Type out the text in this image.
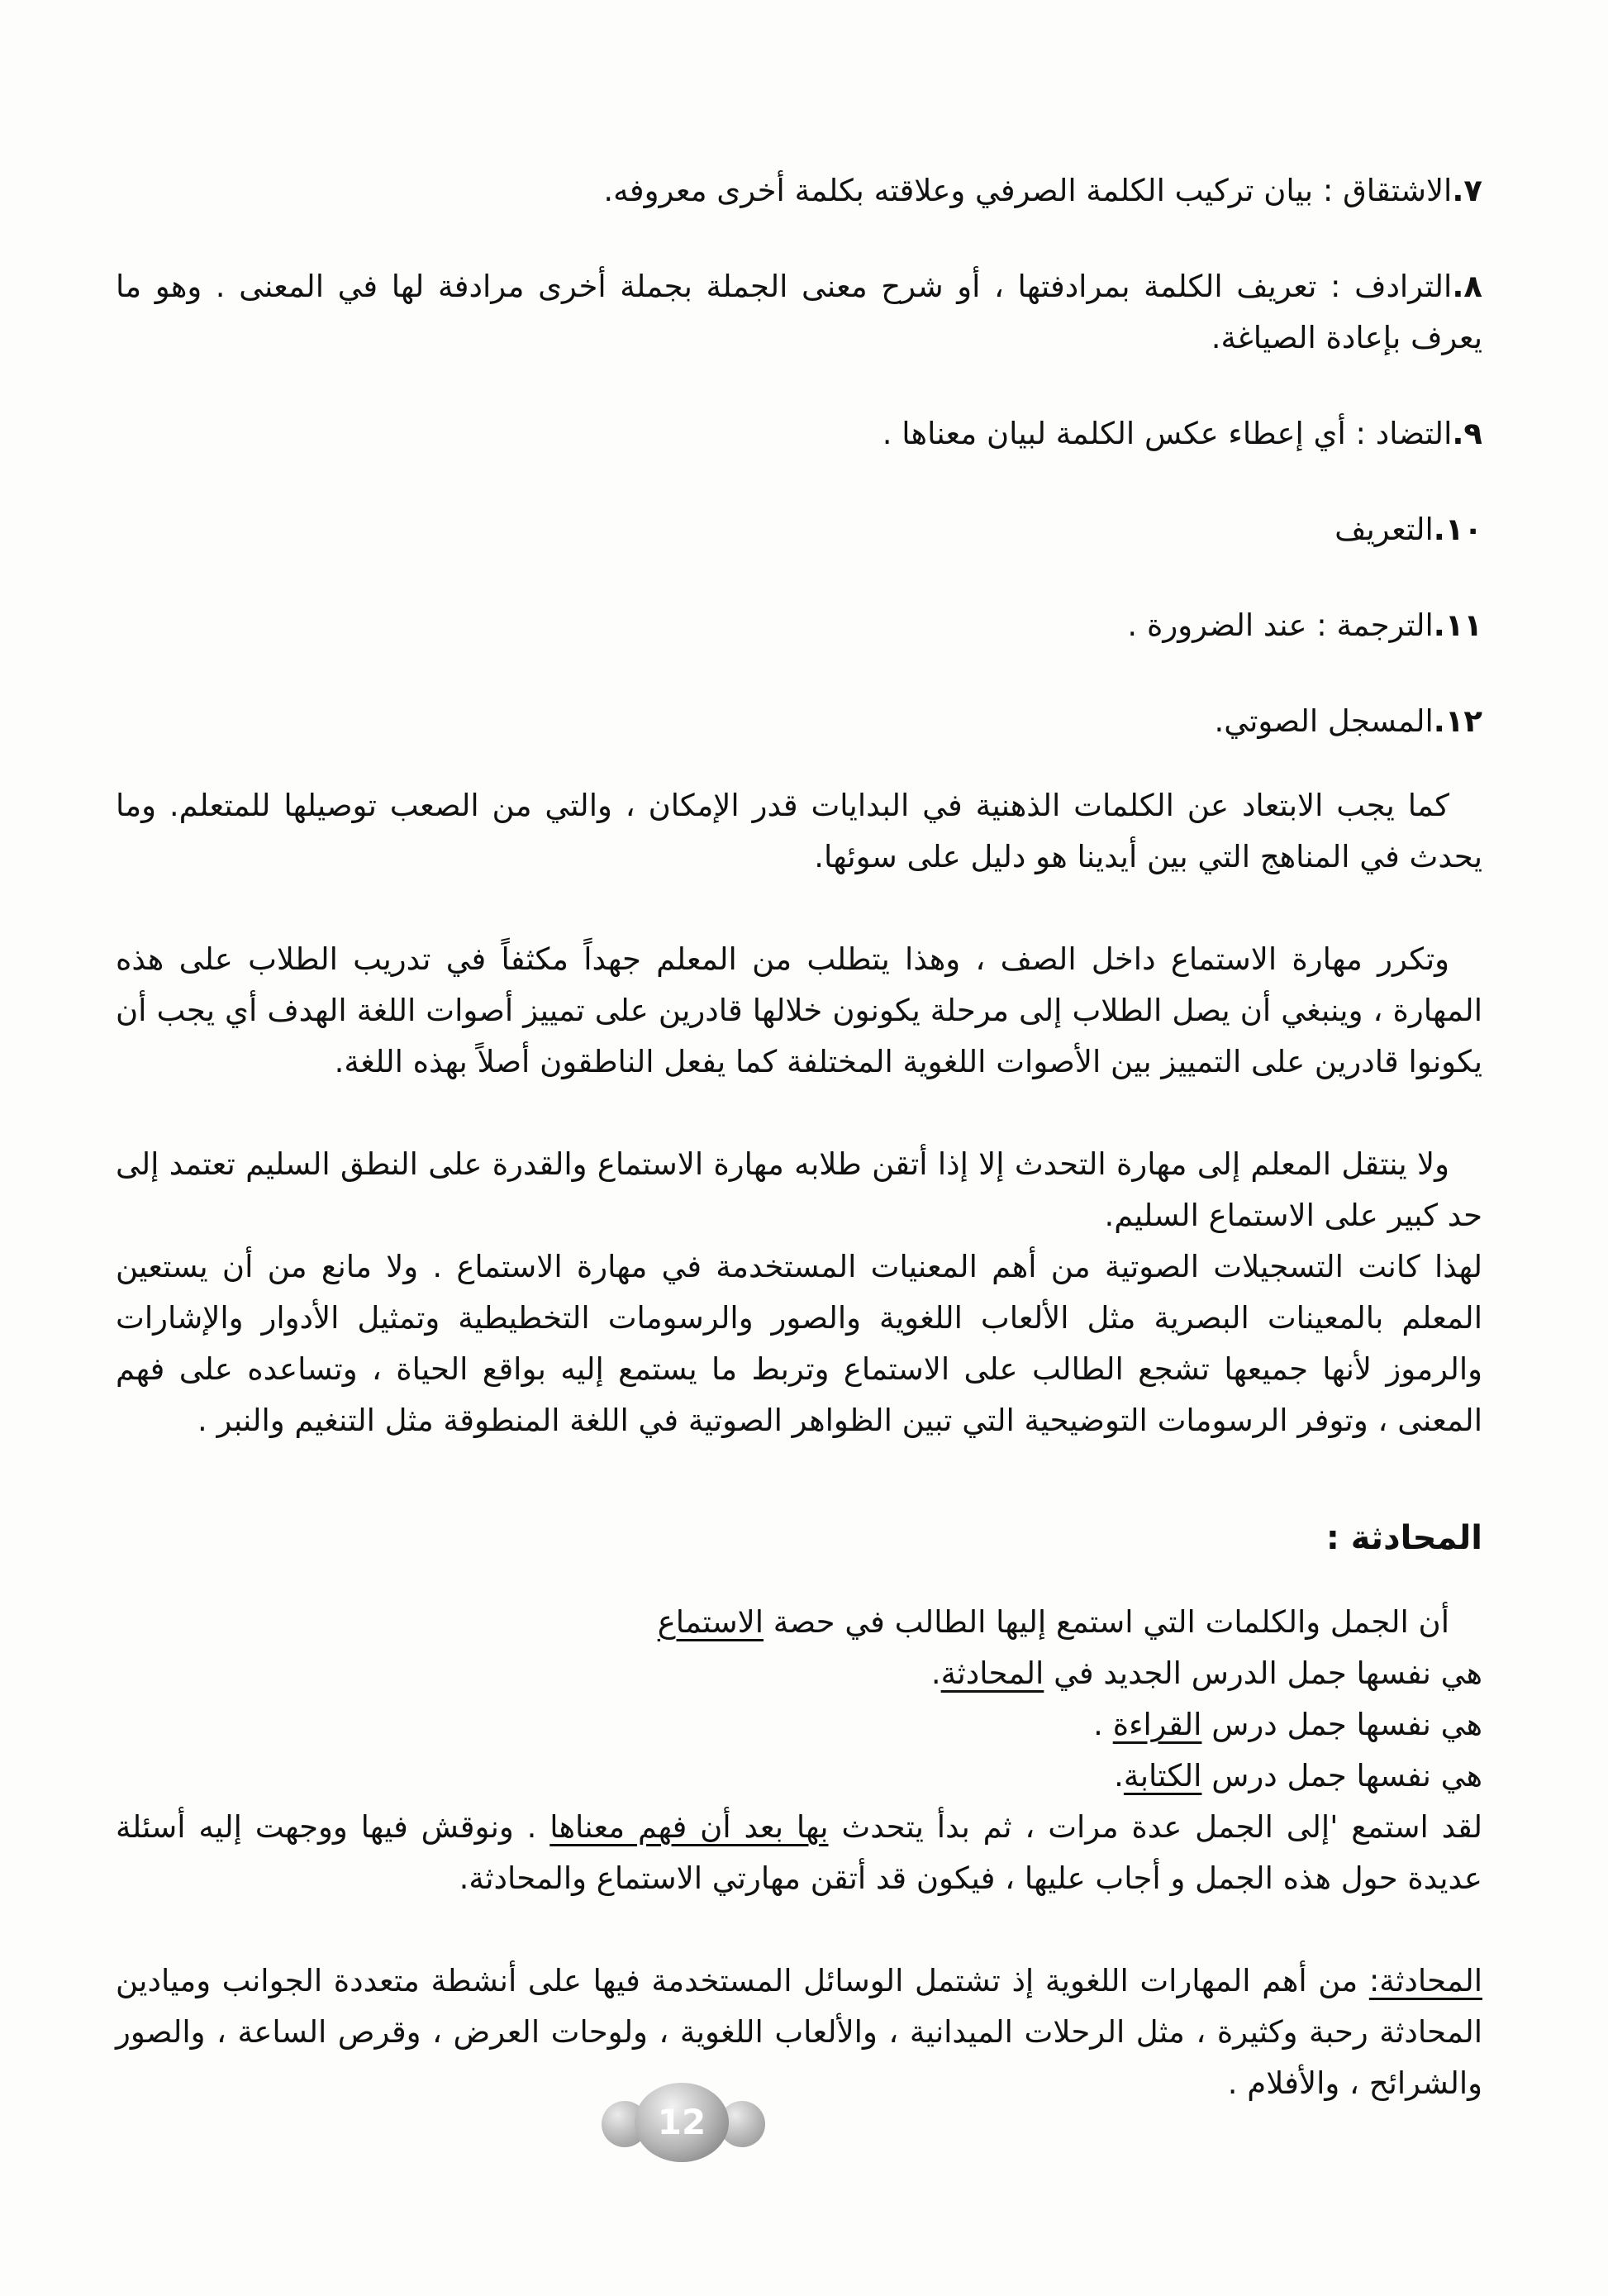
٧.الاشتقاق : بيان تركيب الكلمة الصرفي وعلاقته بكلمة أخرى معروفه.

٨.الترادف : تعريف الكلمة بمرادفتها ، أو شرح معنى الجملة بجملة أخرى مرادفة لها في المعنى . وهو ما يعرف بإعادة الصياغة.

٩.التضاد : أي إعطاء عكس الكلمة لبيان معناها .

١٠.التعريف

١١.الترجمة : عند الضرورة .

١٢.المسجل الصوتي.

كما يجب الابتعاد عن الكلمات الذهنية في البدايات قدر الإمكان ، والتي من الصعب توصيلها للمتعلم. وما يحدث في المناهج التي بين أيدينا هو دليل على سوئها.

وتكرر مهارة الاستماع داخل الصف ، وهذا يتطلب من المعلم جهداً مكثفاً في تدريب الطلاب على هذه المهارة ، وينبغي أن يصل الطلاب إلى مرحلة يكونون خلالها قادرين على تمييز أصوات اللغة الهدف أي يجب أن يكونوا قادرين على التمييز بين الأصوات اللغوية المختلفة كما يفعل الناطقون أصلاً بهذه اللغة.

ولا ينتقل المعلم إلى مهارة التحدث إلا إذا أتقن طلابه مهارة الاستماع والقدرة على النطق السليم تعتمد إلى حد كبير على الاستماع السليم.

لهذا كانت التسجيلات الصوتية من أهم المعنيات المستخدمة في مهارة الاستماع . ولا مانع من أن يستعين المعلم بالمعينات البصرية مثل الألعاب اللغوية والصور والرسومات التخطيطية وتمثيل الأدوار والإشارات والرموز لأنها جميعها تشجع الطالب على الاستماع وتربط ما يستمع إليه بواقع الحياة ، وتساعده على فهم المعنى ، وتوفر الرسومات التوضيحية التي تبين الظواهر الصوتية في اللغة المنطوقة مثل التنغيم والنبر .

المحادثة :

أن الجمل والكلمات التي استمع إليها الطالب في حصة الاستماع

هي نفسها جمل الدرس الجديد في المحادثة.

هي نفسها جمل درس القراءة .

هي نفسها جمل درس الكتابة.

لقد استمع 'إلى الجمل عدة مرات ، ثم بدأ يتحدث بها بعد أن فهم معناها . ونوقش فيها ووجهت إليه أسئلة عديدة حول هذه الجمل و أجاب عليها ، فيكون قد أتقن مهارتي الاستماع والمحادثة.

المحادثة: من أهم المهارات اللغوية إذ تشتمل الوسائل المستخدمة فيها على أنشطة متعددة الجوانب وميادين المحادثة رحبة وكثيرة ، مثل الرحلات الميدانية ، والألعاب اللغوية ، ولوحات العرض ، وقرص الساعة ، والصور والشرائح ، والأفلام .

12
